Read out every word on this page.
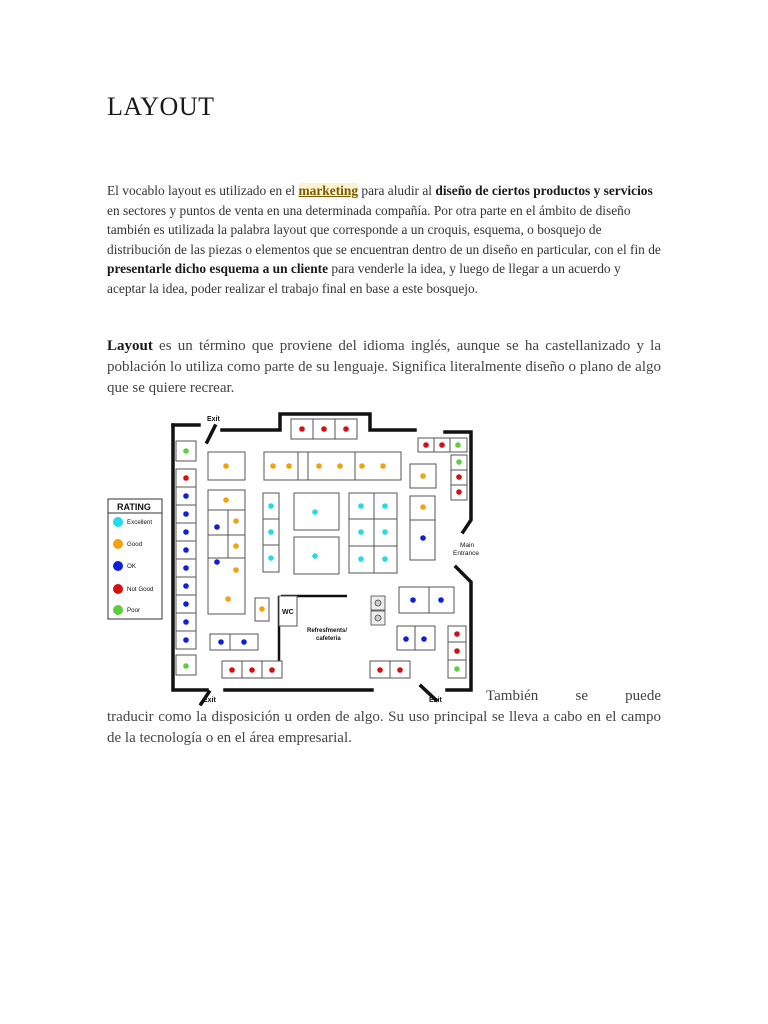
LAYOUT

El vocablo layout es utilizado en el marketing para aludir al diseño de ciertos productos y servicios en sectores y puntos de venta en una determinada compañía. Por otra parte en el ámbito de diseño también es utilizada la palabra layout que corresponde a un croquis, esquema, o bosquejo de distribución de las piezas o elementos que se encuentran dentro de un diseño en particular, con el fin de presentarle dicho esquema a un cliente para venderle la idea, y luego de llegar a un acuerdo y aceptar la idea, poder realizar el trabajo final en base a este bosquejo.

Layout es un término que proviene del idioma inglés, aunque se ha castellanizado y la población lo utiliza como parte de su lenguaje. Significa literalmente diseño o plano de algo que se quiere recrear.

Exit
Exit	Exit
Main
Entrance
WC
Refresfments/
cafeteria
RATING
Excellent
Good
OK
Not Good
Poor

También se puede

traducir como la disposición u orden de algo. Su uso principal se lleva a cabo en el campo de la tecnología o en el área empresarial.
